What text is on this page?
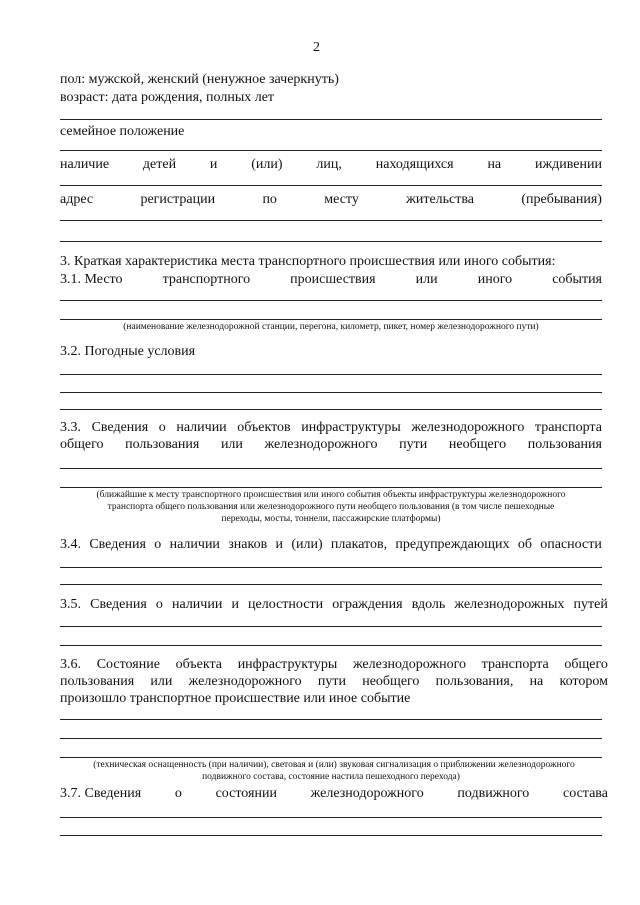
2
пол: мужской, женский (ненужное зачеркнуть)
возраст: дата рождения, полных лет
семейное положение
наличие детей и (или) лиц, находящихся на иждивении
адрес	регистрации	по	месту	жительства	(пребывания)
3. Краткая характеристика места транспортного происшествия или иного события:
3.1. Место	транспортного	происшествия	или	иного	события
(наименование железнодорожной станции, перегона, километр, пикет, номер железнодорожного пути)
3.2. Погодные условия
3.3. Сведения о наличии объектов инфраструктуры железнодорожного транспорта
общего пользования или железнодорожного пути необщего пользования
(ближайшие к месту транспортного происшествия или иного события объекты инфраструктуры железнодорожного
транспорта общего пользования или железнодорожного пути необщего пользования (в том числе пешеходные
переходы, мосты, тоннели, пассажирские платформы)
3.4. Сведения о наличии знаков и (или) плакатов, предупреждающих об опасности
3.5. Сведения о наличии и целостности ограждения вдоль железнодорожных путей
3.6. Состояние объекта инфраструктуры железнодорожного транспорта общего
пользования или железнодорожного пути необщего пользования, на котором
произошло транспортное происшествие или иное событие
(техническая оснащенность (при наличии), световая и (или) звуковая сигнализация о приближении железнодорожного
подвижного состава, состояние настила пешеходного перехода)
3.7. Сведения о состоянии железнодорожного подвижного состава
